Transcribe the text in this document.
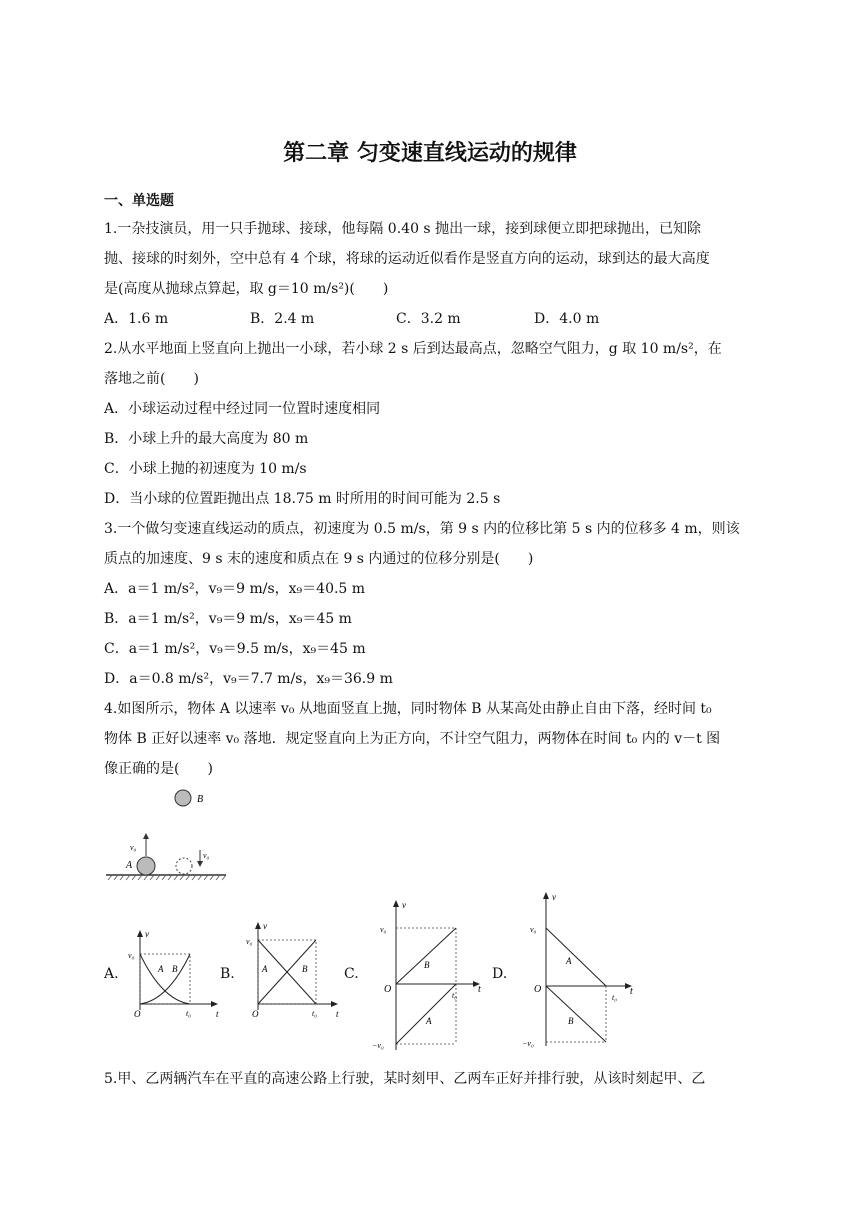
第二章 匀变速直线运动的规律
一、单选题
1.一杂技演员，用一只手抛球、接球，他每隔 0.40 s 抛出一球，接到球便立即把球抛出，已知除
抛、接球的时刻外，空中总有 4 个球，将球的运动近似看作是竖直方向的运动，球到达的最大高度
是(高度从抛球点算起，取 g＝10 m/s²)(　　)
A．1.6 m	B．2.4 m	C．3.2 m	D．4.0 m
2.从水平地面上竖直向上抛出一小球，若小球 2 s 后到达最高点，忽略空气阻力，g 取 10 m/s²，在
落地之前(　　)
A．小球运动过程中经过同一位置时速度相同
B．小球上升的最大高度为 80 m
C．小球上抛的初速度为 10 m/s
D．当小球的位置距抛出点 18.75 m 时所用的时间可能为 2.5 s
3.一个做匀变速直线运动的质点，初速度为 0.5 m/s，第 9 s 内的位移比第 5 s 内的位移多 4 m，则该
质点的加速度、9 s 末的速度和质点在 9 s 内通过的位移分别是(　　)
A．a＝1 m/s²，v₉＝9 m/s，x₉＝40.5 m
B．a＝1 m/s²，v₉＝9 m/s，x₉＝45 m
C．a＝1 m/s²，v₉＝9.5 m/s，x₉＝45 m
D．a＝0.8 m/s²，v₉＝7.7 m/s，x₉＝36.9 m
4.如图所示，物体 A 以速率 v₀ 从地面竖直上抛，同时物体 B 从某高处由静止自由下落，经时间 t₀
物体 B 正好以速率 v₀ 落地．规定竖直向上为正方向，不计空气阻力，两物体在时间 t₀ 内的 v－t 图
像正确的是(　　)
B
A
v₀
v₀
A.	B.	C.	D.
v
v₀
A B
O	t₀	t
v
v₀
A	B
O	t₀ t
v
v₀
B
A
O
t₀
t
−v₀
v
v₀
A
B
O
t₀
t
−v₀
5.甲、乙两辆汽车在平直的高速公路上行驶，某时刻甲、乙两车正好并排行驶，从该时刻起甲、乙
